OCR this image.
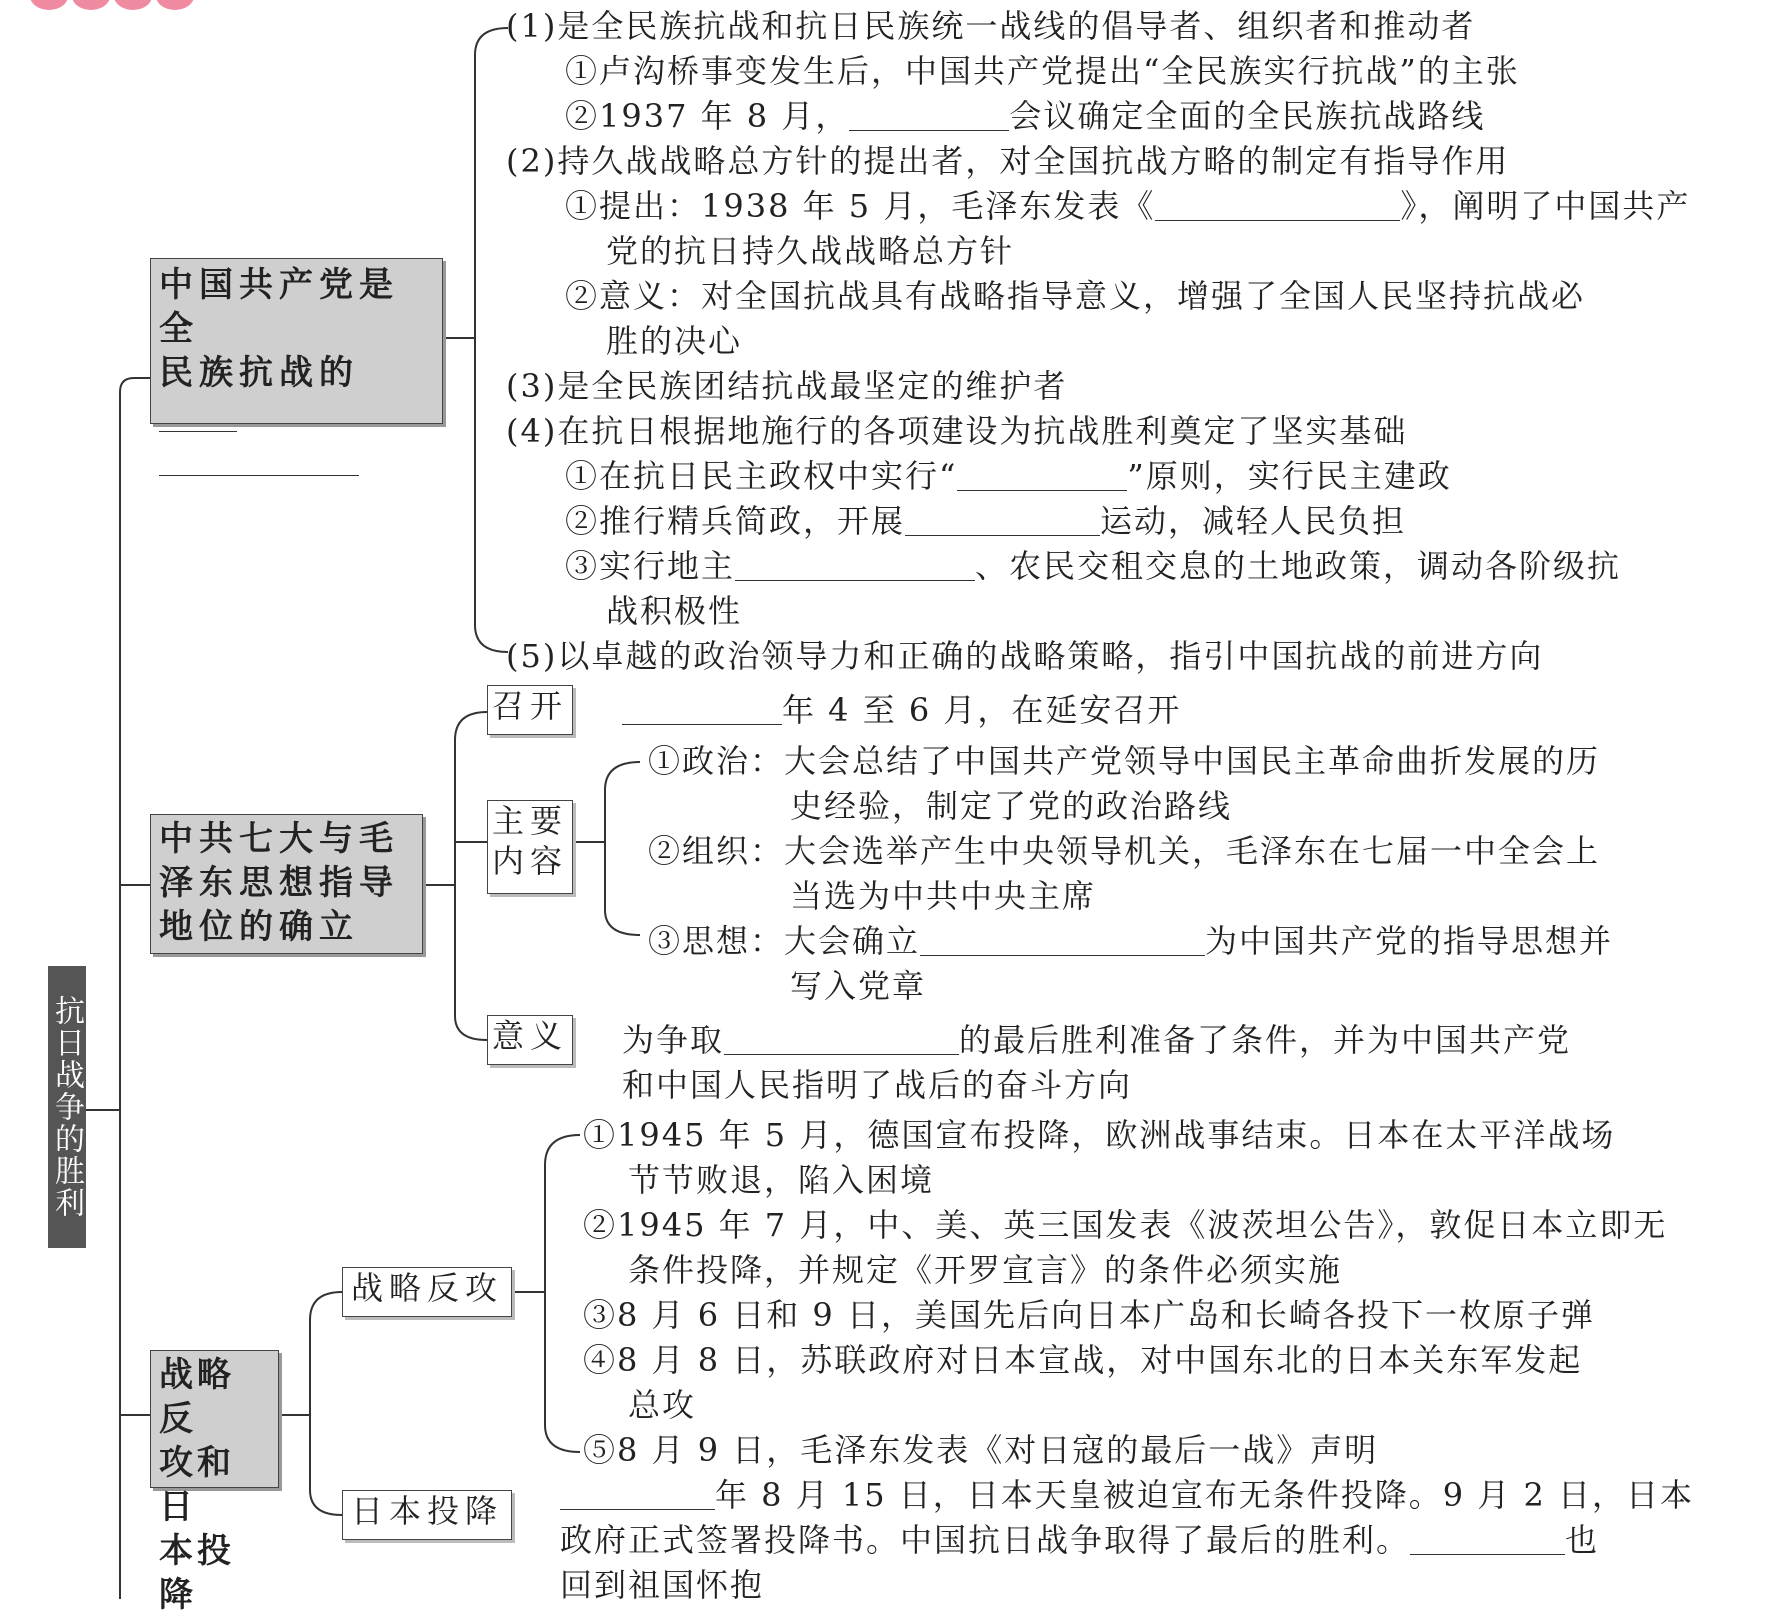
抗日战争的胜利
中国共产党是全
民族抗战的
(1)是全民族抗战和抗日民族统一战线的倡导者、组织者和推动者
①卢沟桥事变发生后，中国共产党提出“全民族实行抗战”的主张
②1937 年 8 月，	会议确定全面的全民族抗战路线
(2)持久战战略总方针的提出者，对全国抗战方略的制定有指导作用
①提出：1938 年 5 月，毛泽东发表《	》，阐明了中国共产
党的抗日持久战战略总方针
②意义：对全国抗战具有战略指导意义，增强了全国人民坚持抗战必
胜的决心
(3)是全民族团结抗战最坚定的维护者
(4)在抗日根据地施行的各项建设为抗战胜利奠定了坚实基础
①在抗日民主政权中实行“	”原则，实行民主建政
②推行精兵简政，开展	运动，减轻人民负担
③实行地主	、农民交租交息的土地政策，调动各阶级抗
战积极性
(5)以卓越的政治领导力和正确的战略策略，指引中国抗战的前进方向
中共七大与毛
泽东思想指导
地位的确立
召开	年 4 至 6 月，在延安召开
主要
内容
①政治：大会总结了中国共产党领导中国民主革命曲折发展的历
史经验，制定了党的政治路线
②组织：大会选举产生中央领导机关，毛泽东在七届一中全会上
当选为中共中央主席
③思想：大会确立	为中国共产党的指导思想并
写入党章
意义 为争取	的最后胜利准备了条件，并为中国共产党
和中国人民指明了战后的奋斗方向
战略反
攻和日
本投降
战略反攻
①1945 年 5 月，德国宣布投降，欧洲战事结束。日本在太平洋战场
节节败退，陷入困境
②1945 年 7 月，中、美、英三国发表《波茨坦公告》，敦促日本立即无
条件投降，并规定《开罗宣言》的条件必须实施
③8 月 6 日和 9 日，美国先后向日本广岛和长崎各投下一枚原子弹
④8 月 8 日，苏联政府对日本宣战，对中国东北的日本关东军发起
总攻
⑤8 月 9 日，毛泽东发表《对日寇的最后一战》声明
日本投降	年 8 月 15 日，日本天皇被迫宣布无条件投降。9 月 2 日，日本
政府正式签署投降书。中国抗日战争取得了最后的胜利。	也
回到祖国怀抱
